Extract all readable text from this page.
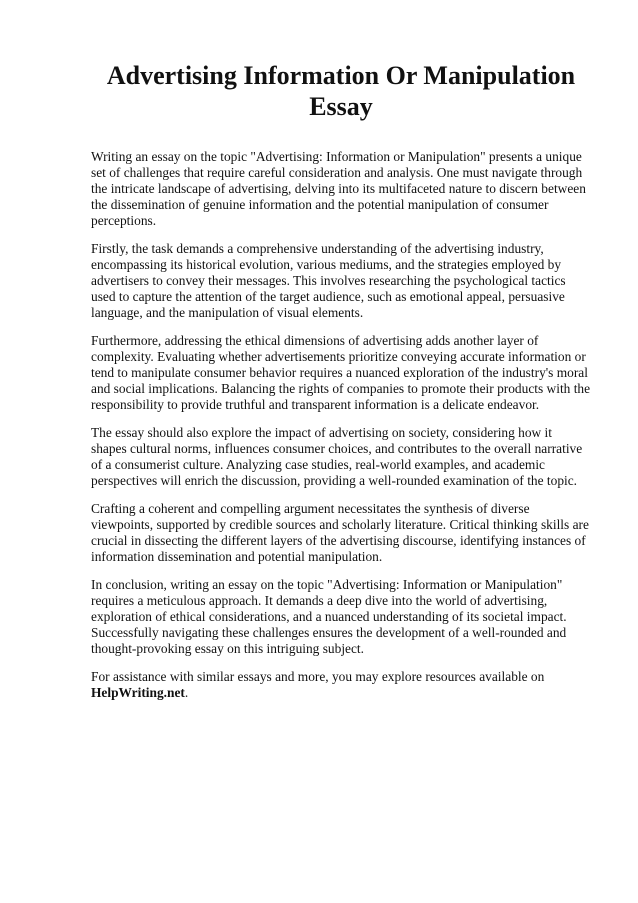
Advertising Information Or Manipulation Essay

Writing an essay on the topic "Advertising: Information or Manipulation" presents a unique set of challenges that require careful consideration and analysis. One must navigate through the intricate landscape of advertising, delving into its multifaceted nature to discern between the dissemination of genuine information and the potential manipulation of consumer perceptions.

Firstly, the task demands a comprehensive understanding of the advertising industry, encompassing its historical evolution, various mediums, and the strategies employed by advertisers to convey their messages. This involves researching the psychological tactics used to capture the attention of the target audience, such as emotional appeal, persuasive language, and the manipulation of visual elements.

Furthermore, addressing the ethical dimensions of advertising adds another layer of complexity. Evaluating whether advertisements prioritize conveying accurate information or tend to manipulate consumer behavior requires a nuanced exploration of the industry's moral and social implications. Balancing the rights of companies to promote their products with the responsibility to provide truthful and transparent information is a delicate endeavor.

The essay should also explore the impact of advertising on society, considering how it shapes cultural norms, influences consumer choices, and contributes to the overall narrative of a consumerist culture. Analyzing case studies, real-world examples, and academic perspectives will enrich the discussion, providing a well-rounded examination of the topic.

Crafting a coherent and compelling argument necessitates the synthesis of diverse viewpoints, supported by credible sources and scholarly literature. Critical thinking skills are crucial in dissecting the different layers of the advertising discourse, identifying instances of information dissemination and potential manipulation.

In conclusion, writing an essay on the topic "Advertising: Information or Manipulation" requires a meticulous approach. It demands a deep dive into the world of advertising, exploration of ethical considerations, and a nuanced understanding of its societal impact. Successfully navigating these challenges ensures the development of a well-rounded and thought-provoking essay on this intriguing subject.

For assistance with similar essays and more, you may explore resources available on

HelpWriting.net.
